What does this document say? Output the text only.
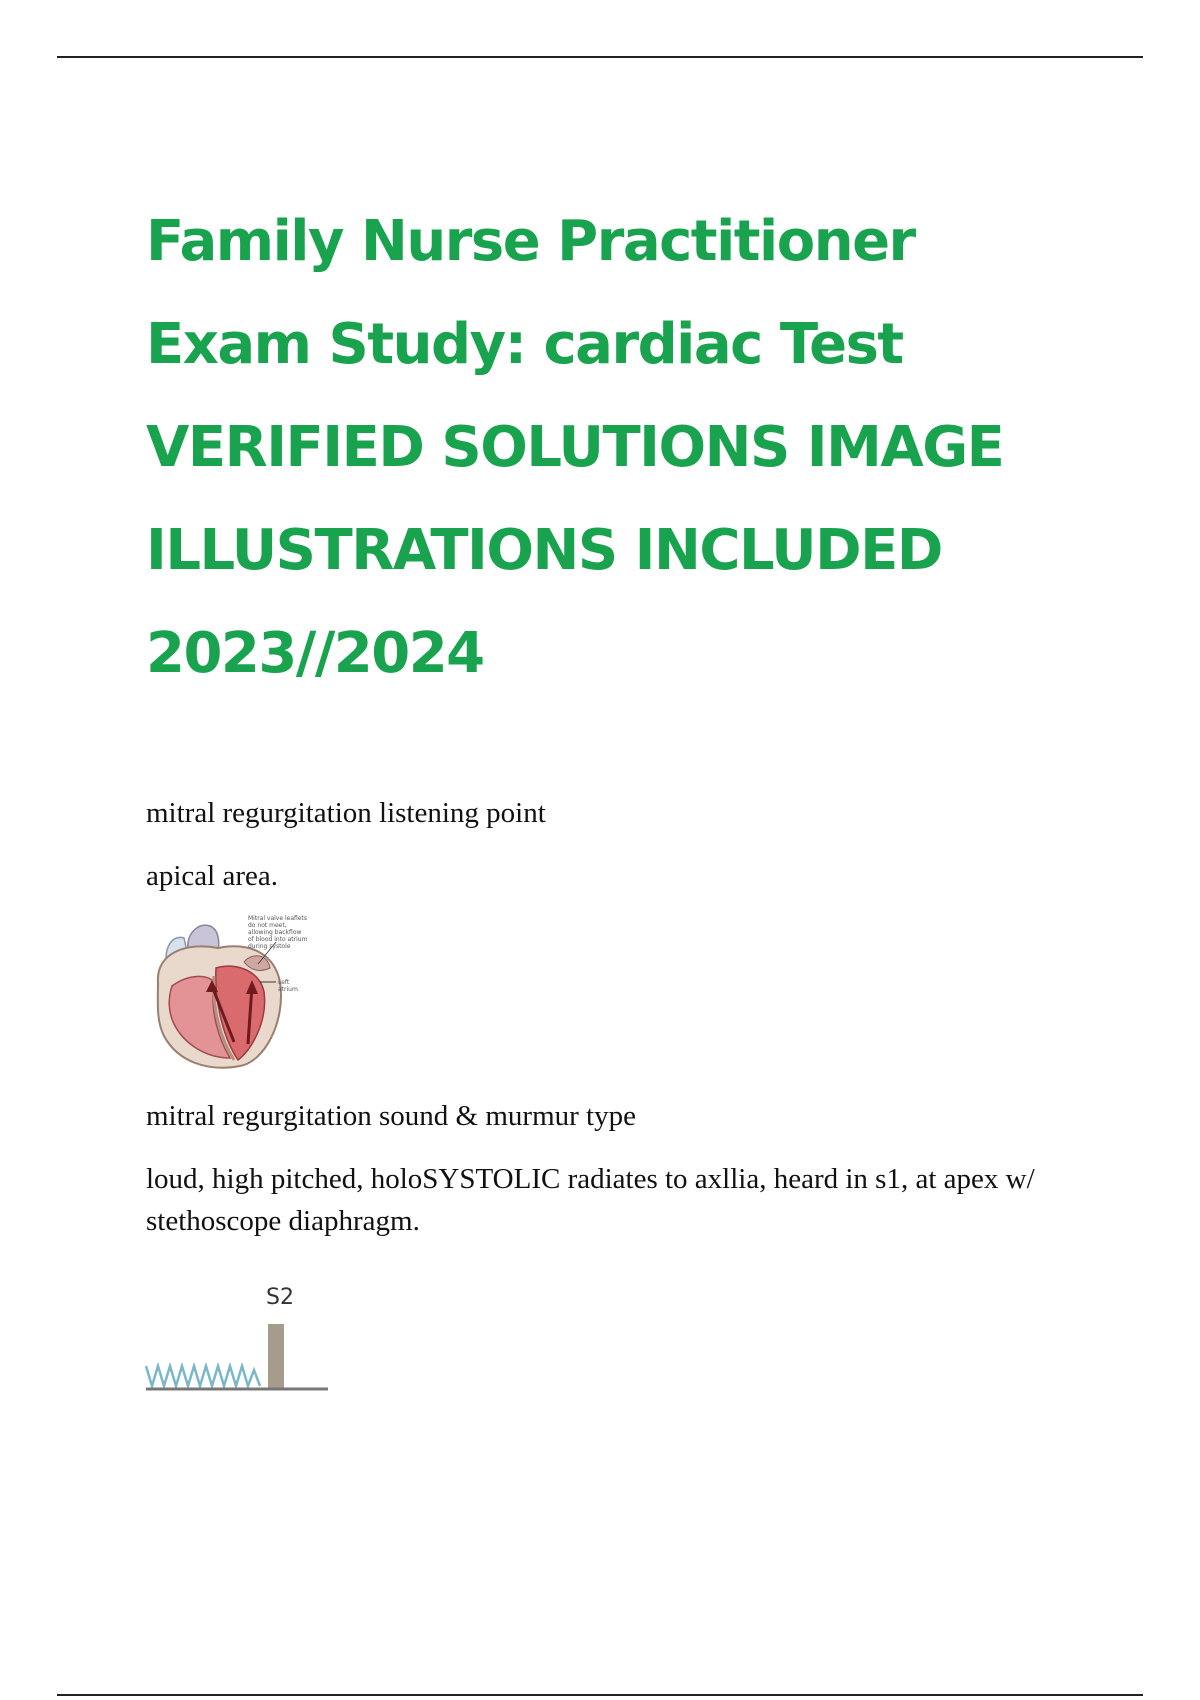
Family Nurse Practitioner
Exam Study: cardiac Test
VERIFIED SOLUTIONS IMAGE
ILLUSTRATIONS INCLUDED
2023//2024

mitral regurgitation listening point

apical area.

Mitral valve leaflets do not meet, allowing backflow of blood into atrium during systole
Left atrium

mitral regurgitation sound & murmur type

loud, high pitched, holoSYSTOLIC radiates to axllia, heard in s1, at apex w/ stethoscope diaphragm.

S2
